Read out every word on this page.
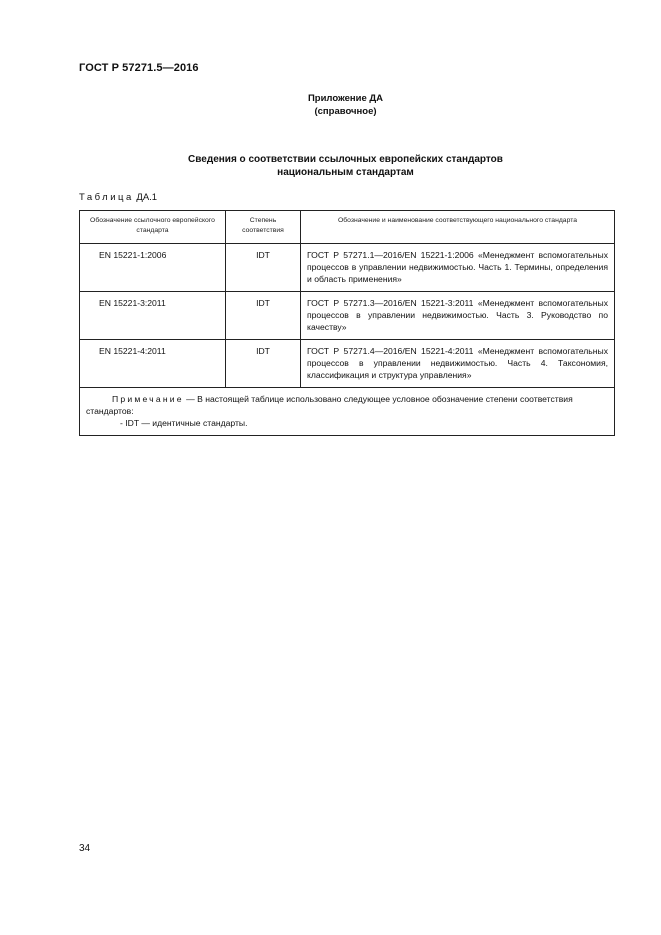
ГОСТ Р 57271.5—2016
Приложение ДА
(справочное)
Сведения о соответствии ссылочных европейских стандартов
национальным стандартам
Таблица ДА.1
Обозначение ссылочного европейского стандарта	Степень соответствия	Обозначение и наименование соответствующего национального стандарта
EN 15221-1:2006	IDT	ГОСТ Р 57271.1—2016/EN 15221-1:2006 «Менеджмент вспомогательных процессов в управлении недвижимостью. Часть 1. Термины, определения и область применения»
EN 15221-3:2011	IDT	ГОСТ Р 57271.3—2016/EN 15221-3:2011 «Менеджмент вспомогательных процессов в управлении недвижимостью. Часть 3. Руководство по качеству»
EN 15221-4:2011	IDT	ГОСТ Р 57271.4—2016/EN 15221-4:2011 «Менеджмент вспомогательных процессов в управлении недвижимостью. Часть 4. Таксономия, классификация и структура управления»
Примечание — В настоящей таблице использовано следующее условное обозначение степени соответствия стандартов:
- IDT — идентичные стандарты.		
34
